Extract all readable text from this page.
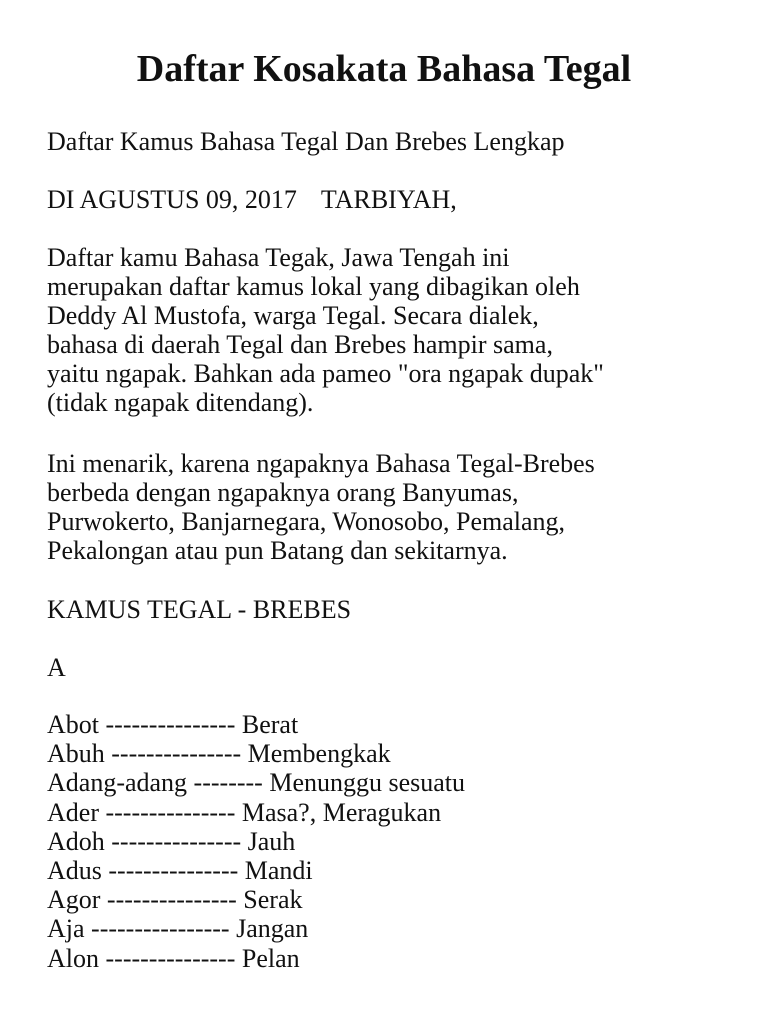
Daftar Kosakata Bahasa Tegal

Daftar Kamus Bahasa Tegal Dan Brebes Lengkap

DI AGUSTUS 09, 2017 TARBIYAH,

Daftar kamu Bahasa Tegak, Jawa Tengah ini
merupakan daftar kamus lokal yang dibagikan oleh
Deddy Al Mustofa, warga Tegal. Secara dialek,
bahasa di daerah Tegal dan Brebes hampir sama,
yaitu ngapak. Bahkan ada pameo "ora ngapak dupak"
(tidak ngapak ditendang).

Ini menarik, karena ngapaknya Bahasa Tegal-Brebes
berbeda dengan ngapaknya orang Banyumas,
Purwokerto, Banjarnegara, Wonosobo, Pemalang,
Pekalongan atau pun Batang dan sekitarnya.

KAMUS TEGAL - BREBES

A

Abot --------------- Berat
Abuh --------------- Membengkak
Adang-adang -------- Menunggu sesuatu
Ader --------------- Masa?, Meragukan
Adoh --------------- Jauh
Adus --------------- Mandi
Agor --------------- Serak
Aja ---------------- Jangan
Alon --------------- Pelan
